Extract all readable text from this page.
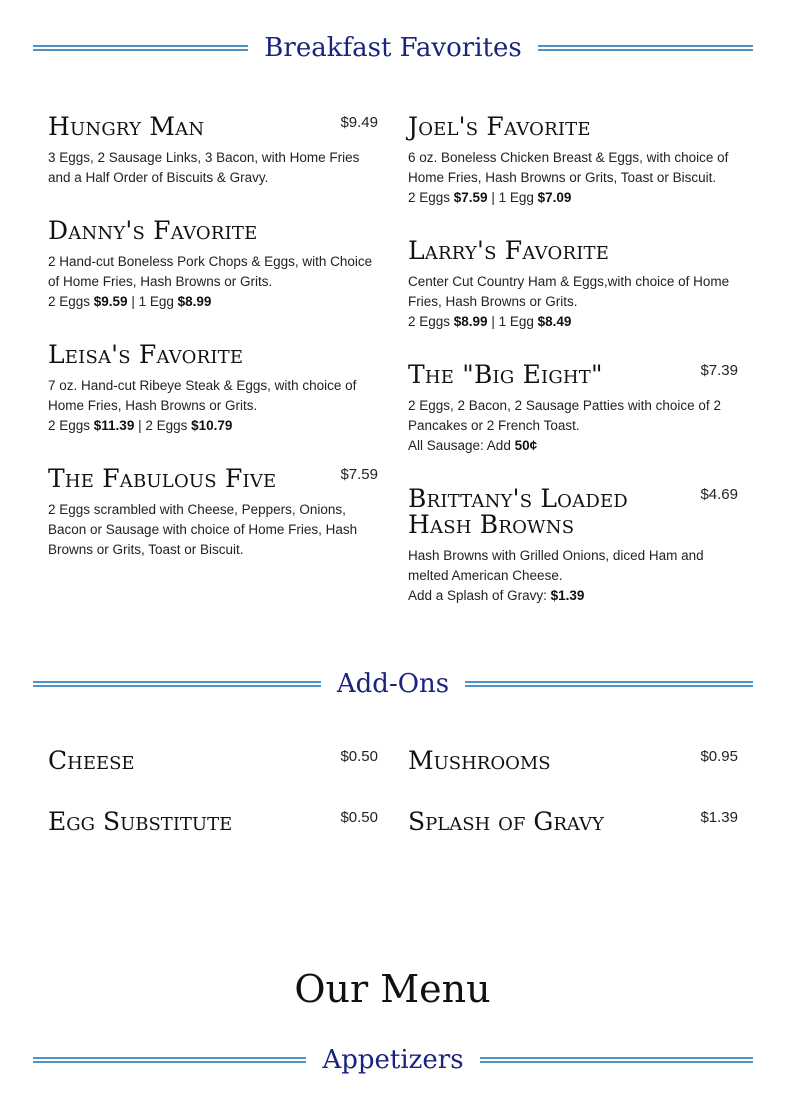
Breakfast Favorites
Hungry Man	$9.49
3 Eggs, 2 Sausage Links, 3 Bacon, with Home Fries and a Half Order of Biscuits & Gravy.
Danny's Favorite
2 Hand-cut Boneless Pork Chops & Eggs, with Choice of Home Fries, Hash Browns or Grits.
2 Eggs $9.59 | 1 Egg $8.99
Leisa's Favorite
7 oz. Hand-cut Ribeye Steak & Eggs, with choice of Home Fries, Hash Browns or Grits.
2 Eggs $11.39 | 2 Eggs $10.79
The Fabulous Five	$7.59
2 Eggs scrambled with Cheese, Peppers, Onions, Bacon or Sausage with choice of Home Fries, Hash Browns or Grits, Toast or Biscuit.
Joel's Favorite
6 oz. Boneless Chicken Breast & Eggs, with choice of Home Fries, Hash Browns or Grits, Toast or Biscuit.
2 Eggs $7.59 | 1 Egg $7.09
Larry's Favorite
Center Cut Country Ham & Eggs,with choice of Home Fries, Hash Browns or Grits.
2 Eggs $8.99 | 1 Egg $8.49
The "Big Eight"	$7.39
2 Eggs, 2 Bacon, 2 Sausage Patties with choice of 2 Pancakes or 2 French Toast.
All Sausage: Add 50¢
Brittany's Loaded Hash Browns
$4.69
Hash Browns with Grilled Onions, diced Ham and melted American Cheese.
Add a Splash of Gravy: $1.39
Add-Ons
Cheese	$0.50
Egg Substitute	$0.50
Mushrooms	$0.95
Splash of Gravy	$1.39
Our Menu
Appetizers
